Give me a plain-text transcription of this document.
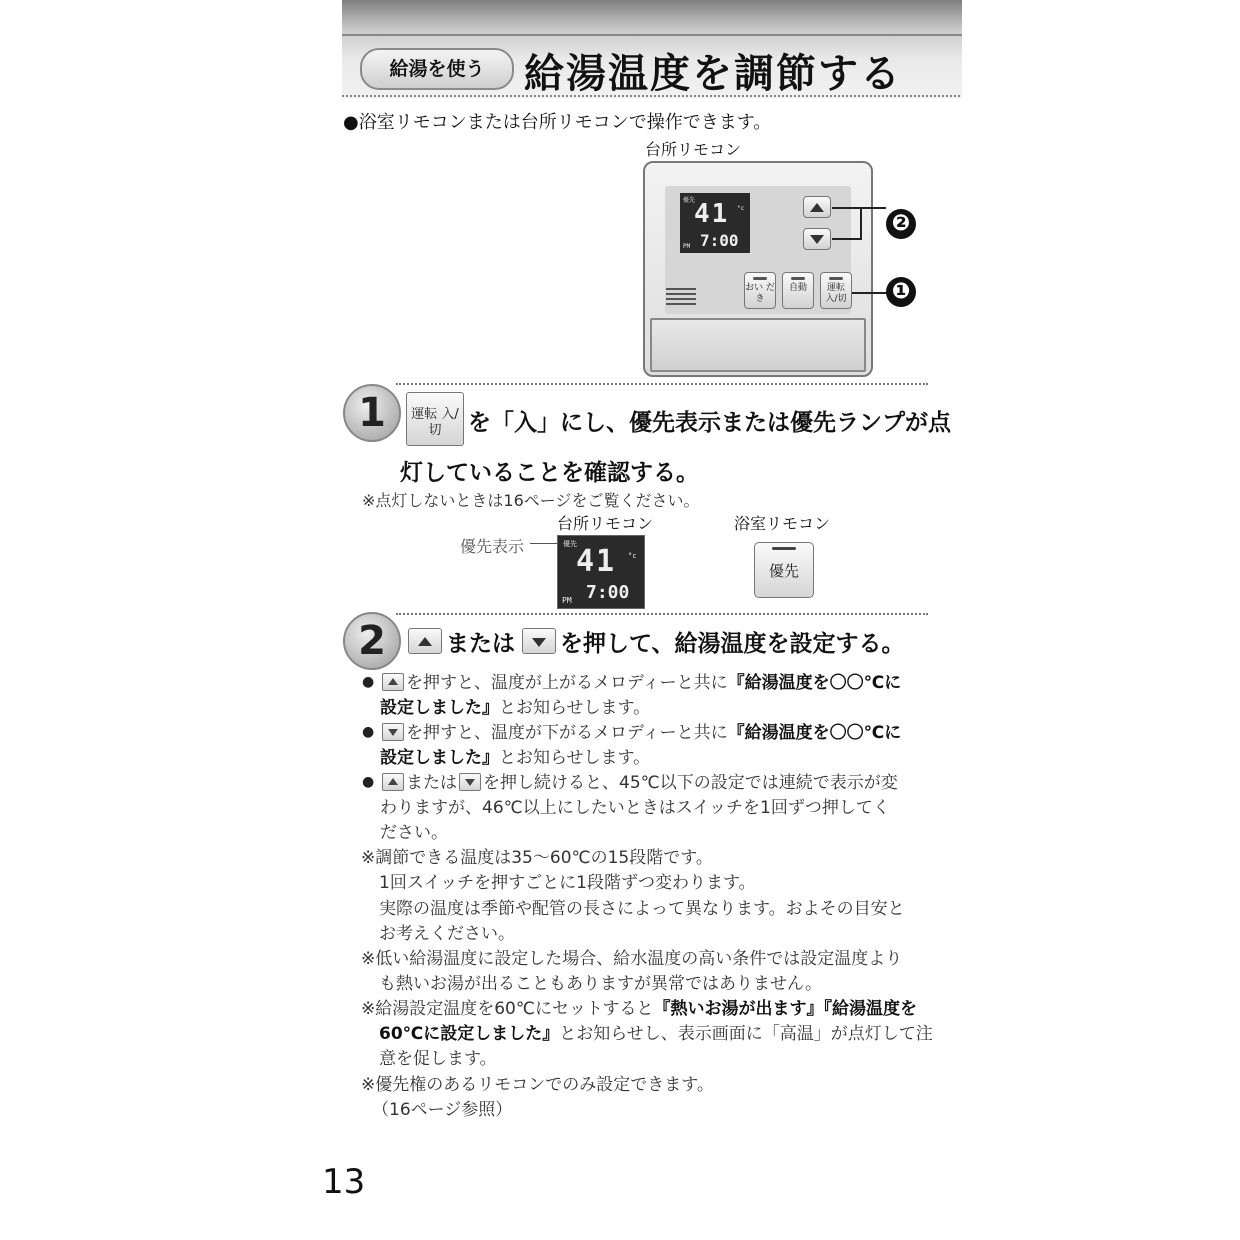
給湯を使う 給湯温度を調節する
●浴室リモコンまたは台所リモコンで操作できます。
台所リモコン
優先
41 °c
PM 7:00
おい だき
自動	運転 入/切
❷
❶
1	運転 入/切	を「入」にし、優先表示または優先ランプが点
灯していることを確認する。
※点灯しないときは16ページをご覧ください。
台所リモコン	浴室リモコン
優先表示	優先 41 °c
PM 7:00
優先
2	または を押して、給湯温度を設定する。
●	を押すと、温度が上がるメロディーと共に『給湯温度を〇〇℃に
設定しました』とお知らせします。
●	を押すと、温度が下がるメロディーと共に『給湯温度を〇〇℃に
設定しました』とお知らせします。
●	または を押し続けると、45℃以下の設定では連続で表示が変
わりますが、46℃以上にしたいときはスイッチを1回ずつ押してく
ださい。
※調節できる温度は35～60℃の15段階です。
1回スイッチを押すごとに1段階ずつ変わります。
実際の温度は季節や配管の長さによって異なります。およその目安と
お考えください。
※低い給湯温度に設定した場合、給水温度の高い条件では設定温度より
も熱いお湯が出ることもありますが異常ではありません。
※給湯設定温度を60℃にセットすると『熱いお湯が出ます』『給湯温度を
60℃に設定しました』とお知らせし、表示画面に「高温」が点灯して注
意を促します。
※優先権のあるリモコンでのみ設定できます。
（16ページ参照）
13
